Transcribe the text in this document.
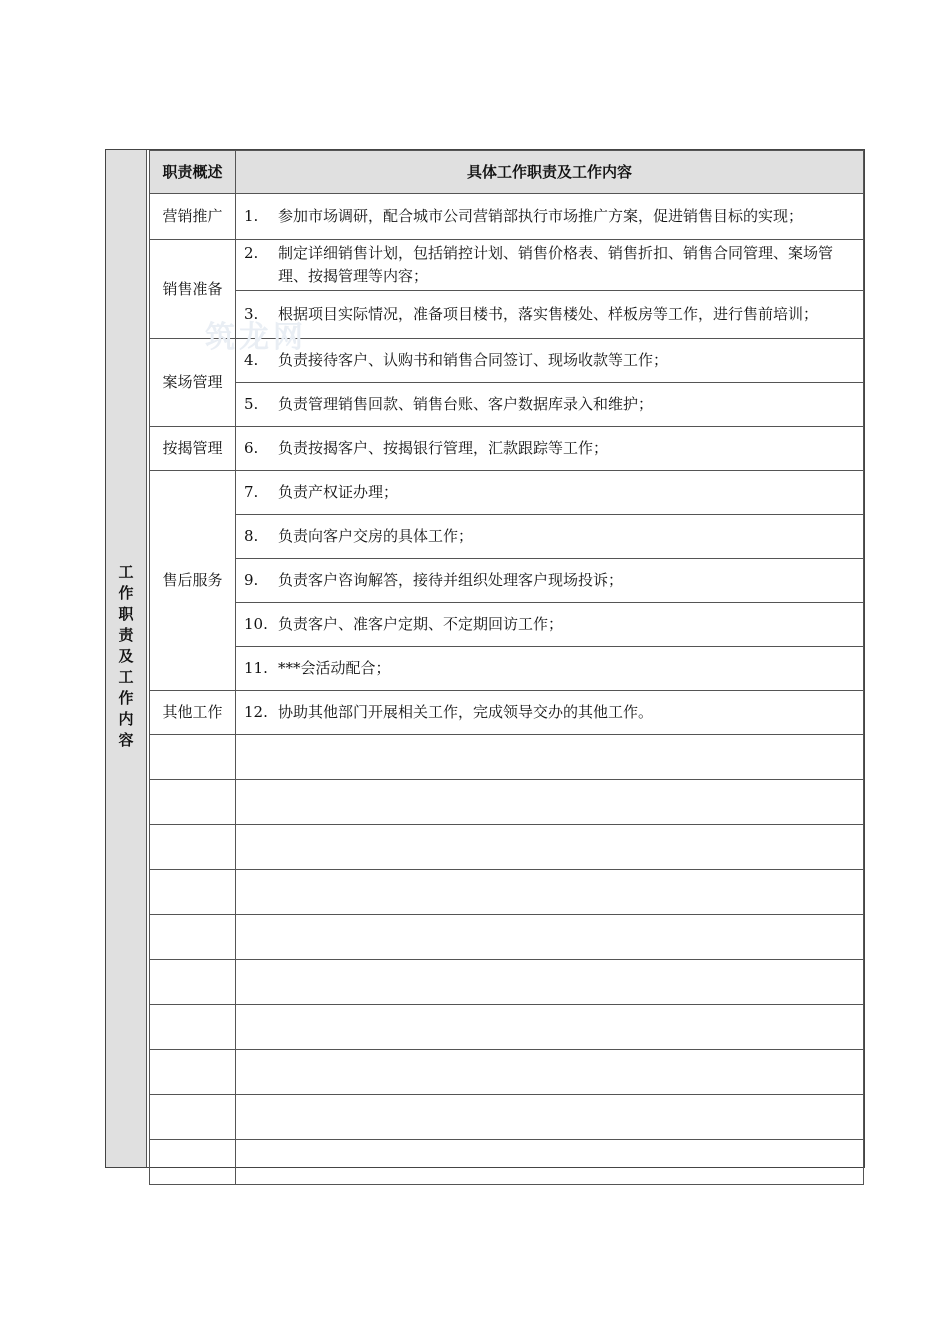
工作职责及工作内容
职责概述	具体工作职责及工作内容
营销推广	1. 参加市场调研，配合城市公司营销部执行市场推广方案，促进销售目标的实现；

销售准备	2. 制定详细销售计划，包括销控计划、销售价格表、销售折扣、销售合同管理、案场管理、按揭管理等内容；

	3. 根据项目实际情况，准备项目楼书，落实售楼处、样板房等工作，进行售前培训；

案场管理	4. 负责接待客户、认购书和销售合同签订、现场收款等工作；

	5. 负责管理销售回款、销售台账、客户数据库录入和维护；

按揭管理	6. 负责按揭客户、按揭银行管理，汇款跟踪等工作；

售后服务	7. 负责产权证办理；

	8. 负责向客户交房的具体工作；

	9. 负责客户咨询解答，接待并组织处理客户现场投诉；

	10. 负责客户、准客户定期、不定期回访工作；

	11. ***会活动配合；

其他工作	12. 协助其他部门开展相关工作，完成领导交办的其他工作。

筑龙网
